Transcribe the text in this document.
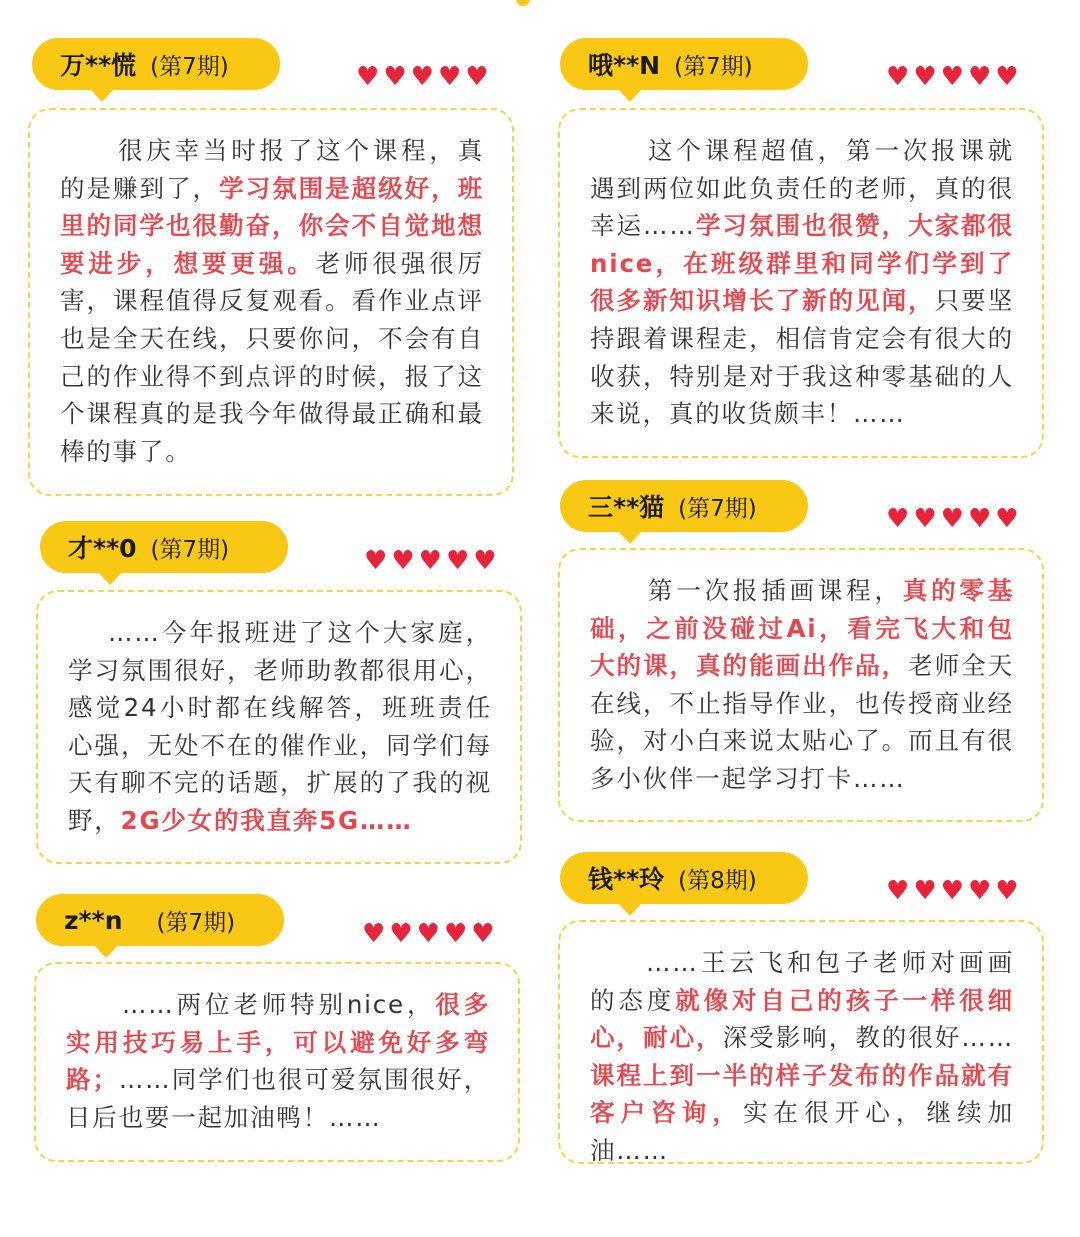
万**慌 (第7期)	♥ ♥ ♥ ♥ ♥

很庆幸当时报了这个课程，真的是赚到了，学习氛围是超级好，班里的同学也很勤奋，你会不自觉地想要进步，想要更强。老师很强很厉害，课程值得反复观看。看作业点评也是全天在线，只要你问，不会有自己的作业得不到点评的时候，报了这个课程真的是我今年做得最正确和最棒的事了。

哦**N (第7期)	♥ ♥ ♥ ♥ ♥

这个课程超值，第一次报课就遇到两位如此负责任的老师，真的很幸运……学习氛围也很赞，大家都很nice，在班级群里和同学们学到了很多新知识增长了新的见闻，只要坚持跟着课程走，相信肯定会有很大的收获，特别是对于我这种零基础的人来说，真的收货颇丰！……

才**0 (第7期)	♥ ♥ ♥ ♥ ♥

……今年报班进了这个大家庭，学习氛围很好，老师助教都很用心，感觉24小时都在线解答，班班责任心强，无处不在的催作业，同学们每天有聊不完的话题，扩展的了我的视野，2G少女的我直奔5G……

三**猫 (第7期)	♥ ♥ ♥ ♥ ♥

第一次报插画课程，真的零基础，之前没碰过Ai，看完飞大和包大的课，真的能画出作品，老师全天在线，不止指导作业，也传授商业经验，对小白来说太贴心了。而且有很多小伙伴一起学习打卡……

z**n (第7期)	♥ ♥ ♥ ♥ ♥

……两位老师特别nice，很多实用技巧易上手，可以避免好多弯路；……同学们也很可爱氛围很好，日后也要一起加油鸭！……

钱**玲 (第8期)	♥ ♥ ♥ ♥ ♥

……王云飞和包子老师对画画的态度就像对自己的孩子一样很细心，耐心，深受影响，教的很好……课程上到一半的样子发布的作品就有客户咨询，实在很开心，继续加油……
